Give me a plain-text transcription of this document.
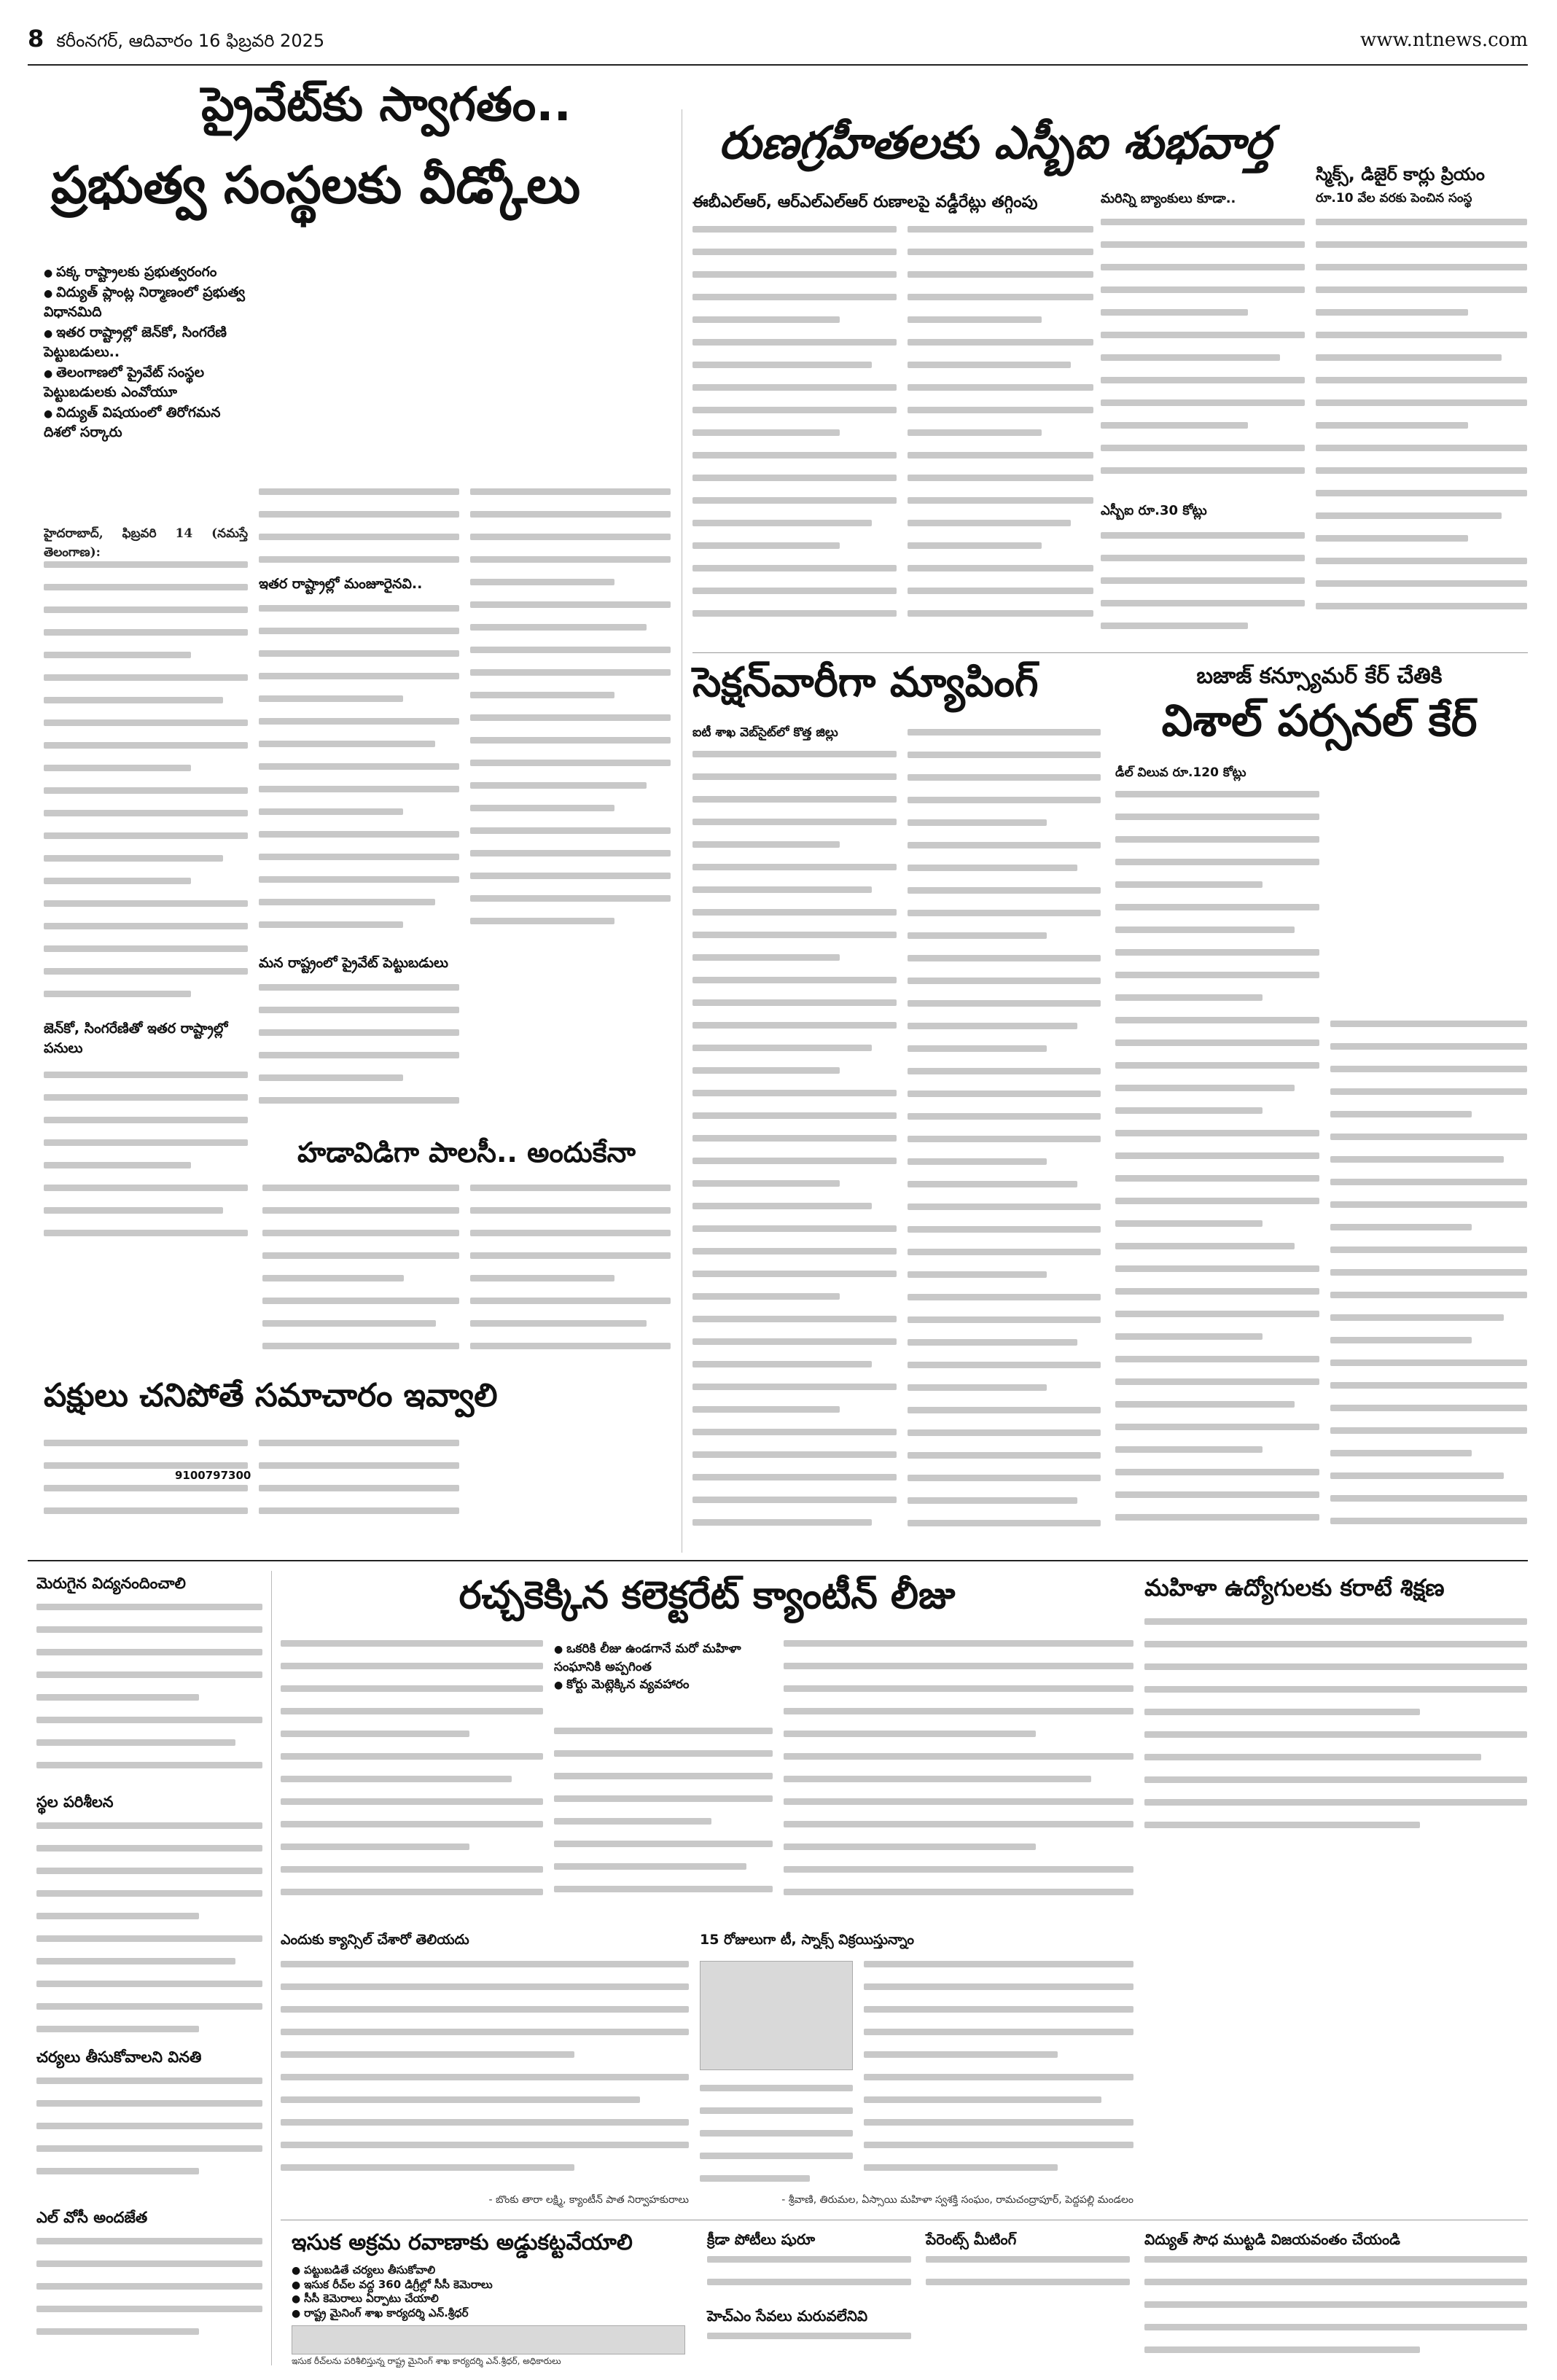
8 కరీంనగర్, ఆదివారం 16 ఫిబ్రవరి 2025	www.ntnews.com
ప్రైవేట్‌కు స్వాగతం..
ప్రభుత్వ సంస్థలకు వీడ్కోలు
● పక్క రాష్ట్రాలకు ప్రభుత్వరంగం
● విద్యుత్‌ ప్లాంట్ల నిర్మాణంలో ప్రభుత్వ విధానమిది
● ఇతర రాష్ట్రాల్లో జెన్‌కో, సింగరేణి పెట్టుబడులు..
● తెలంగాణలో ప్రైవేట్‌ సంస్థల పెట్టుబడులకు ఎంవోయూ
● విద్యుత్‌ విషయంలో తిరోగమన దిశలో సర్కారు
హైదరాబాద్‌, ఫిబ్రవరి 14 (నమస్తే తెలంగాణ):
జెన్‌కో, సింగరేణితో ఇతర రాష్ట్రాల్లో పనులు
ఇతర రాష్ట్రాల్లో మంజూరైనవి..
మన రాష్ట్రంలో ప్రైవేట్‌ పెట్టుబడులు
హడావిడిగా పాలసీ.. అందుకేనా
పక్షులు చనిపోతే సమాచారం ఇవ్వాలి
9100797300
రుణగ్రహీతలకు ఎస్బీఐ శుభవార్త
ఈబీఎల్‌ఆర్‌, ఆర్‌ఎల్‌ఎల్‌ఆర్‌ రుణాలపై వడ్డీరేట్లు తగ్గింపు	మరిన్ని బ్యాంకులు కూడా..
ఎస్బీఐ రూ.30 కోట్లు
స్మిక్స్‌, డిజైర్‌ కార్లు ప్రియం
రూ.10 వేల వరకు పెంచిన సంస్థ
సెక్షన్‌వారీగా మ్యాపింగ్‌
ఐటీ శాఖ వెబ్‌సైట్‌లో కొత్త జిల్లు
బజాజ్‌ కన్స్యూమర్‌ కేర్‌ చేతికి
విశాల్‌ పర్సనల్‌ కేర్‌
డీల్‌ విలువ రూ.120 కోట్లు
మెరుగైన విద్యనందించాలి
స్థల పరిశీలన
చర్యలు తీసుకోవాలని వినతి
ఎల్‌ వోసీ అందజేత
రచ్చకెక్కిన కలెక్టరేట్‌ క్యాంటీన్‌ లీజు
● ఒకరికి లీజు ఉండగానే మరో మహిళా సంఘానికి అప్పగింత
● కోర్టు మెట్లెక్కిన వ్యవహారం
ఎందుకు క్యాన్సిల్‌ చేశారో తెలియదు
- బొంకు తారా లక్ష్మి, క్యాంటీన్‌ పాత నిర్వాహకురాలు
15 రోజులుగా టీ, స్నాక్స్‌ విక్రయిస్తున్నాం
- శ్రీవాణి, తిరుమల, ఏస్సాయి మహిళా స్వశక్తి సంఘం, రామచంద్రాపూర్‌, పెద్దపల్లి మండలం
మహిళా ఉద్యోగులకు కరాటే శిక్షణ
ఇసుక అక్రమ రవాణాకు అడ్డుకట్టవేయాలి
● పట్టుబడితే చర్యలు తీసుకోవాలి
● ఇసుక రీచ్‌ల వద్ద 360 డిగ్రీల్లో సీసీ కెమెరాలు
● సీసీ కెమెరాలు ఏర్పాటు చేయాలి
● రాష్ట్ర మైనింగ్‌ శాఖ కార్యదర్శి ఎన్‌.శ్రీధర్‌
ఇసుక రీచ్‌లను పరిశీలిస్తున్న రాష్ట్ర మైనింగ్‌ శాఖ కార్యదర్శి ఎన్‌.శ్రీధర్‌, అధికారులు
క్రీడా పోటీలు షురూ
హెచ్‌ఎం సేవలు మరువలేనివి
పేరెంట్స్‌ మీటింగ్‌	విద్యుత్‌ సౌధ ముట్టడి విజయవంతం చేయండి
